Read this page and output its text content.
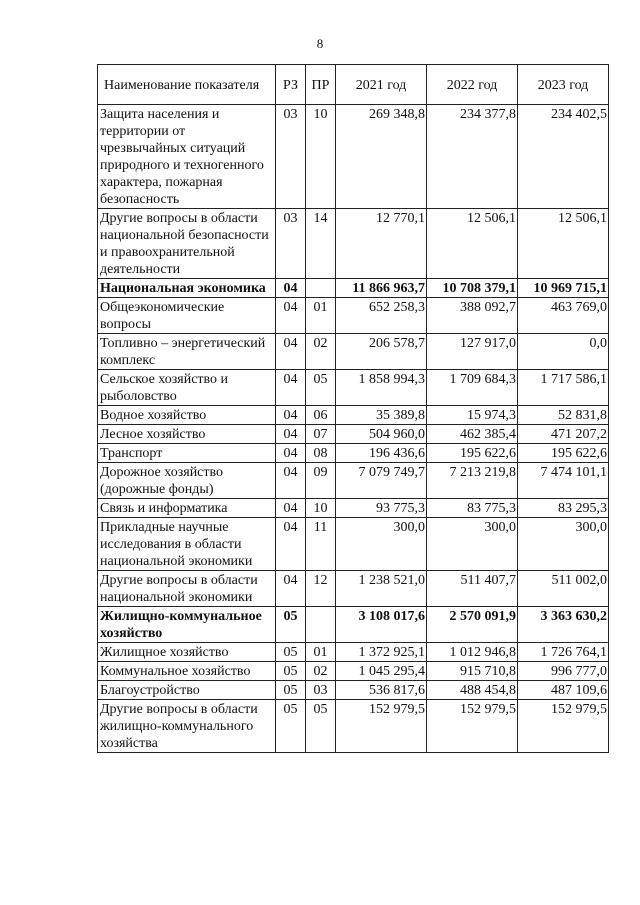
8
Наименование показателя	РЗ	ПР	2021 год	2022 год	2023 год
Защита населения и территории от чрезвычайных ситуаций природного и техногенного характера, пожарная безопасность	03	10	269 348,8	234 377,8	234 402,5
Другие вопросы в области национальной безопасности и правоохранительной деятельности	03	14	12 770,1	12 506,1	12 506,1
Национальная экономика	04		11 866 963,7	10 708 379,1	10 969 715,1
Общеэкономические вопросы	04	01	652 258,3	388 092,7	463 769,0
Топливно – энергетический комплекс	04	02	206 578,7	127 917,0	0,0
Сельское хозяйство и рыболовство	04	05	1 858 994,3	1 709 684,3	1 717 586,1
Водное хозяйство	04	06	35 389,8	15 974,3	52 831,8
Лесное хозяйство	04	07	504 960,0	462 385,4	471 207,2
Транспорт	04	08	196 436,6	195 622,6	195 622,6
Дорожное хозяйство (дорожные фонды)	04	09	7 079 749,7	7 213 219,8	7 474 101,1
Связь и информатика	04	10	93 775,3	83 775,3	83 295,3
Прикладные научные исследования в области национальной экономики	04	11	300,0	300,0	300,0
Другие вопросы в области национальной экономики	04	12	1 238 521,0	511 407,7	511 002,0
Жилищно-коммунальное хозяйство	05		3 108 017,6	2 570 091,9	3 363 630,2
Жилищное хозяйство	05	01	1 372 925,1	1 012 946,8	1 726 764,1
Коммунальное хозяйство	05	02	1 045 295,4	915 710,8	996 777,0
Благоустройство	05	03	536 817,6	488 454,8	487 109,6
Другие вопросы в области жилищно-коммунального хозяйства	05	05	152 979,5	152 979,5	152 979,5
